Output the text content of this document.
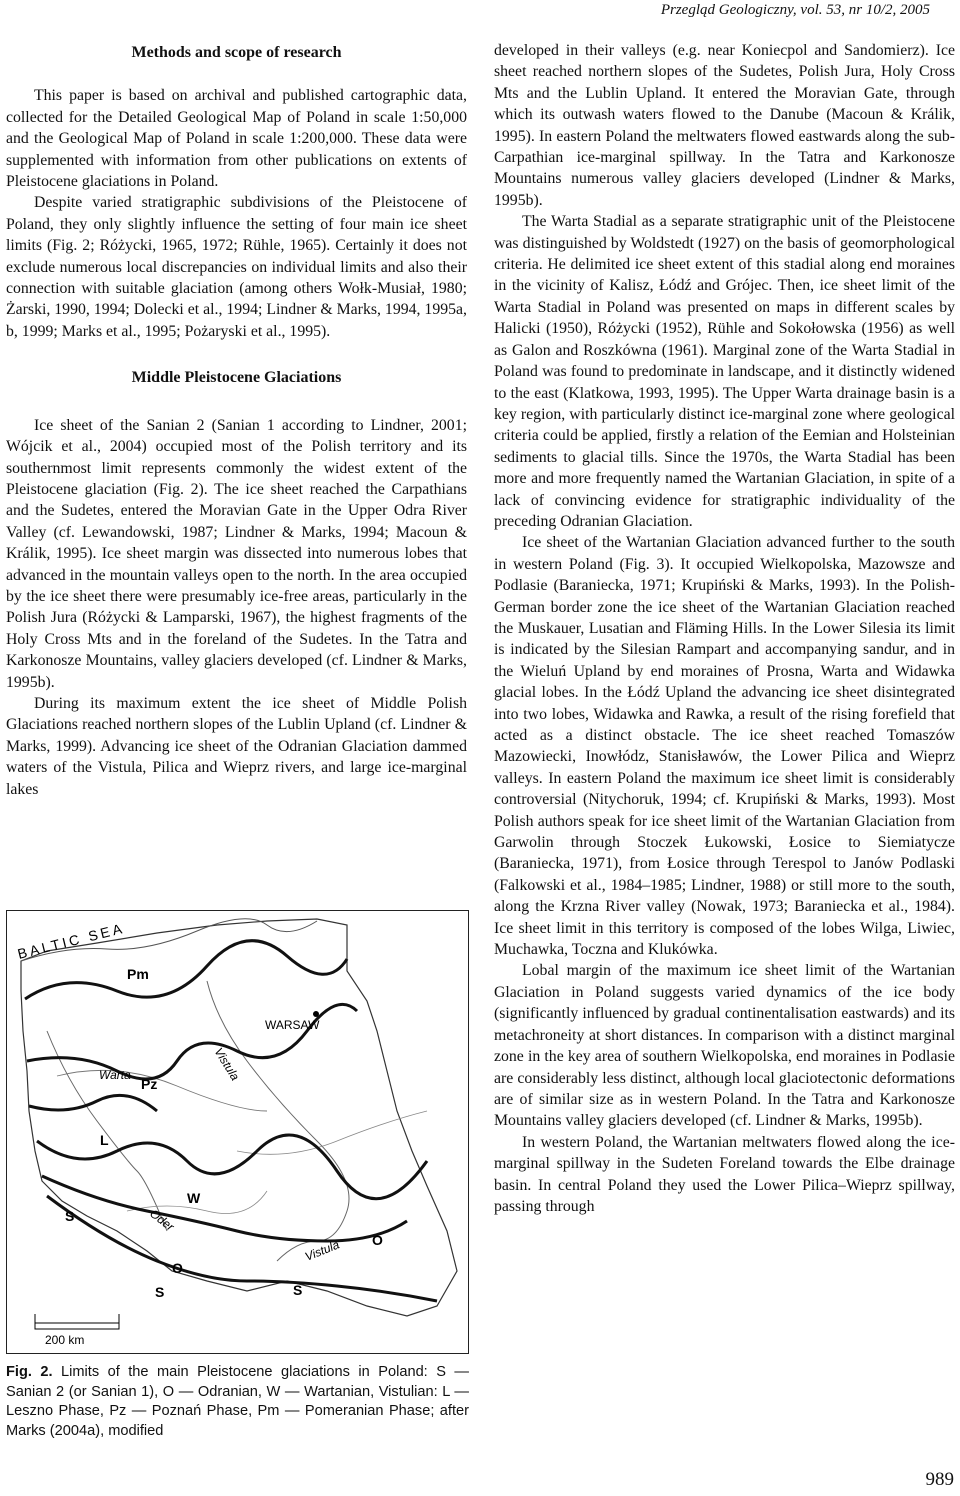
Przegląd Geologiczny, vol. 53, nr 10/2, 2005
Methods and scope of research

This paper is based on archival and published cartographic data, collected for the Detailed Geological Map of Poland in scale 1:50,000 and the Geological Map of Poland in scale 1:200,000. These data were supplemented with information from other publications on extents of Pleistocene glaciations in Poland.

Despite varied stratigraphic subdivisions of the Pleistocene of Poland, they only slightly influence the setting of four main ice sheet limits (Fig. 2; Różycki, 1965, 1972; Rühle, 1965). Certainly it does not exclude numerous local discrepancies on individual limits and also their connection with suitable glaciation (among others Wołk-Musiał, 1980; Żarski, 1990, 1994; Dolecki et al., 1994; Lindner & Marks, 1994, 1995a, b, 1999; Marks et al., 1995; Pożaryski et al., 1995).

Middle Pleistocene Glaciations

Ice sheet of the Sanian 2 (Sanian 1 according to Lindner, 2001; Wójcik et al., 2004) occupied most of the Polish territory and its southernmost limit represents commonly the widest extent of the Pleistocene glaciation (Fig. 2). The ice sheet reached the Carpathians and the Sudetes, entered the Moravian Gate in the Upper Odra River Valley (cf. Lewandowski, 1987; Lindner & Marks, 1994; Macoun & Králik, 1995). Ice sheet margin was dissected into numerous lobes that advanced in the mountain valleys open to the north. In the area occupied by the ice sheet there were presumably ice-free areas, particularly in the Polish Jura (Różycki & Lamparski, 1967), the highest fragments of the Holy Cross Mts and in the foreland of the Sudetes. In the Tatra and Karkonosze Mountains, valley glaciers developed (cf. Lindner & Marks, 1995b).

During its maximum extent the ice sheet of Middle Polish Glaciations reached northern slopes of the Lublin Upland (cf. Lindner & Marks, 1999). Advancing ice sheet of the Odranian Glaciation dammed waters of the Vistula, Pilica and Wieprz rivers, and large ice-marginal lakes

BALTIC SEA
Pm
Warta
Pz
Vistula
L
WARSAW
W
S	Oder
Vistula O
O
S	S
200 km
Fig. 2. Limits of the main Pleistocene glaciations in Poland: S — Sanian 2 (or Sanian 1), O — Odranian, W — Wartanian, Vistulian: L — Leszno Phase, Pz — Poznań Phase, Pm — Pomeranian Phase; after Marks (2004a), modified

developed in their valleys (e.g. near Koniecpol and Sandomierz). Ice sheet reached northern slopes of the Sudetes, Polish Jura, Holy Cross Mts and the Lublin Upland. It entered the Moravian Gate, through which its outwash waters flowed to the Danube (Macoun & Králik, 1995). In eastern Poland the meltwaters flowed eastwards along the sub-Carpathian ice-marginal spillway. In the Tatra and Karkonosze Mountains numerous valley glaciers developed (Lindner & Marks, 1995b).

The Warta Stadial as a separate stratigraphic unit of the Pleistocene was distinguished by Woldstedt (1927) on the basis of geomorphological criteria. He delimited ice sheet extent of this stadial along end moraines in the vicinity of Kalisz, Łódź and Grójec. Then, ice sheet limit of the Warta Stadial in Poland was presented on maps in different scales by Halicki (1950), Różycki (1952), Rühle and Sokołowska (1956) as well as Galon and Roszkówna (1961). Marginal zone of the Warta Stadial in Poland was found to predominate in landscape, and it distinctly widened to the east (Klatkowa, 1993, 1995). The Upper Warta drainage basin is a key region, with particularly distinct ice-marginal zone where geological criteria could be applied, firstly a relation of the Eemian and Holsteinian sediments to glacial tills. Since the 1970s, the Warta Stadial has been more and more frequently named the Wartanian Glaciation, in spite of a lack of convincing evidence for stratigraphic individuality of the preceding Odranian Glaciation.

Ice sheet of the Wartanian Glaciation advanced further to the south in western Poland (Fig. 3). It occupied Wielkopolska, Mazowsze and Podlasie (Baraniecka, 1971; Krupiński & Marks, 1993). In the Polish-German border zone the ice sheet of the Wartanian Glaciation reached the Muskauer, Lusatian and Fläming Hills. In the Lower Silesia its limit is indicated by the Silesian Rampart and accompanying sandur, and in the Wieluń Upland by end moraines of Prosna, Warta and Widawka glacial lobes. In the Łódź Upland the advancing ice sheet disintegrated into two lobes, Widawka and Rawka, a result of the rising forefield that acted as a distinct obstacle. The ice sheet reached Tomaszów Mazowiecki, Inowłódz, Stanisławów, the Lower Pilica and Wieprz valleys. In eastern Poland the maximum ice sheet limit is considerably controversial (Nitychoruk, 1994; cf. Krupiński & Marks, 1993). Most Polish authors speak for ice sheet limit of the Wartanian Glaciation from Garwolin through Stoczek Łukowski, Łosice to Siemiatycze (Baraniecka, 1971), from Łosice through Terespol to Janów Podlaski (Falkowski et al., 1984–1985; Lindner, 1988) or still more to the south, along the Krzna River valley (Nowak, 1973; Baraniecka et al., 1984). Ice sheet limit in this territory is composed of the lobes Wilga, Liwiec, Muchawka, Toczna and Klukówka.

Lobal margin of the maximum ice sheet limit of the Wartanian Glaciation in Poland suggests varied dynamics of the ice body (significantly influenced by gradual continentalisation eastwards) and its metachroneity at short distances. In comparison with a distinct marginal zone in the key area of southern Wielkopolska, end moraines in Podlasie are considerably less distinct, although local glaciotectonic deformations are of similar size as in western Poland. In the Tatra and Karkonosze Mountains valley glaciers developed (cf. Lindner & Marks, 1995b).

In western Poland, the Wartanian meltwaters flowed along the ice-marginal spillway in the Sudeten Foreland towards the Elbe drainage basin. In central Poland they used the Lower Pilica–Wieprz spillway, passing through

989
